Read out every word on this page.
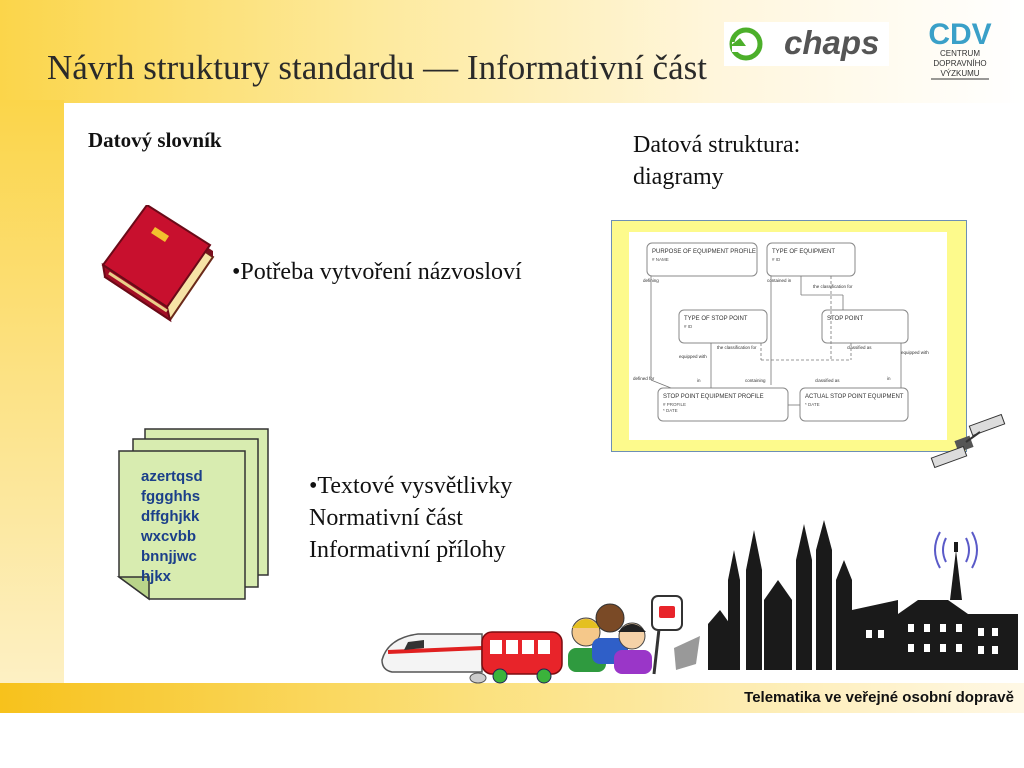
Návrh struktury standardu — Informativní část
chaps CDV
CENTRUM
DOPRAVNÍHO
VÝZKUMU
Datový slovník	Datová struktura:
diagramy
•Potřeba vytvoření názvosloví
PURPOSE OF EQUIPMENT PROFILE
# NAME
TYPE OF EQUIPMENT
# ID
TYPE OF STOP POINT
# ID
STOP POINT
STOP POINT EQUIPMENT PROFILE
# PROFILE
* DATE
ACTUAL STOP POINT EQUIPMENT
* DATE
defining	contained in
the classification for
the classification for	classified as
equipped with
equipped with
defined for	in	containing	classified as	in
azertqsd
fggghhs
dffghjkk
wxcvbb
bnnjjwc
hjkx
•Textové vysvětlivky
Normativní část
Informativní přílohy
Telematika ve veřejné osobní dopravě
